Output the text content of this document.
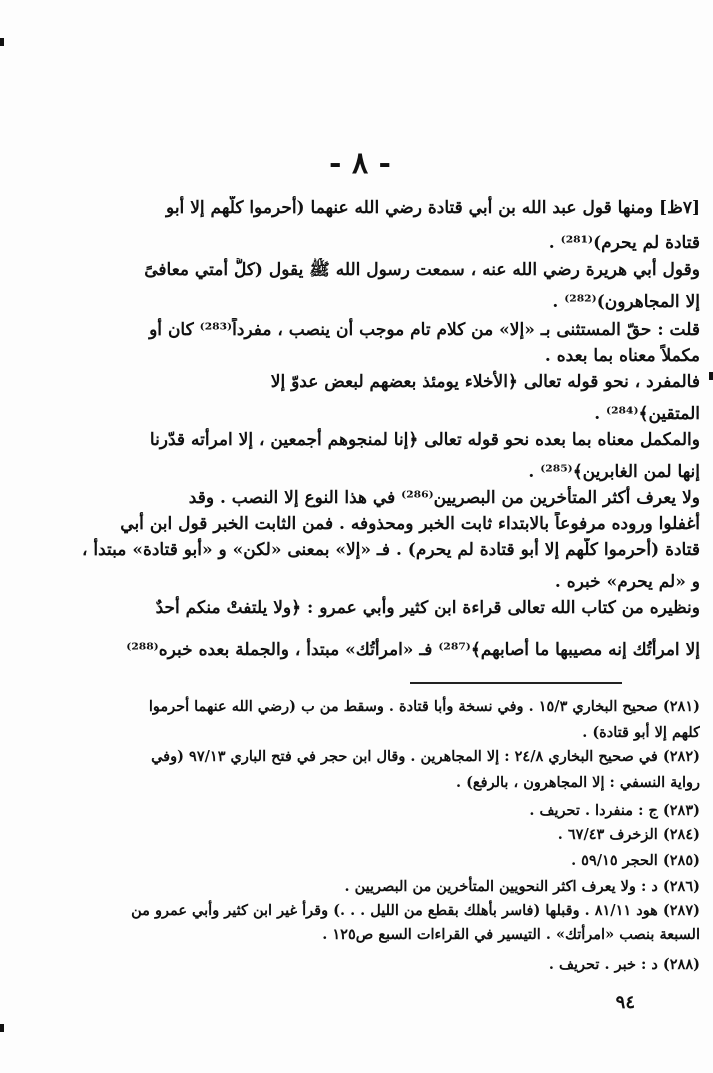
- ٨ -
[٧ظ] ومنها قول عبد الله بن أبي قتادة رضي الله عنهما (أحرموا كلُّهم إلا أبو
قتادة لم يحرم)⁽²⁸¹⁾ .
وقول أبي هريرة رضي الله عنه ، سمعت رسول الله ﷺ يقول (كلُّ أمتي معافىً
إلا المجاهرون)⁽²⁸²⁾ .
قلت : حقّ المستثنى بـ «إلا» من كلام تام موجب أن ينصب ، مفرداً⁽²⁸³⁾ كان أو
مكملاً معناه بما بعده .
فالمفرد ، نحو قوله تعالى ﴿الأخلاء يومئذ بعضهم لبعض عدوّ إلا
المتقين﴾⁽²⁸⁴⁾ .
والمكمل معناه بما بعده نحو قوله تعالى ﴿إنا لمنجوهم أجمعين ، إلا امرأته قدّرنا
إنها لمن الغابرين﴾⁽²⁸⁵⁾ .
ولا يعرف أكثر المتأخرين من البصريين⁽²⁸⁶⁾ في هذا النوع إلا النصب . وقد
أغفلوا وروده مرفوعاً بالابتداء ثابت الخبر ومحذوفه . فمن الثابت الخبر قول ابن أبي
قتادة (أحرموا كلُّهم إلا أبو قتادة لم يحرم) . فـ «إلا» بمعنى «لكن» و «أبو قتادة» مبتدأ ،
و «لم يحرم» خبره .
ونظيره من كتاب الله تعالى قراءة ابن كثير وأبي عمرو : ﴿ولا يلتفتْ منكم أحدٌ
إلا امرأتُك إنه مصيبها ما أصابهم﴾⁽²⁸⁷⁾ فـ «امرأتُك» مبتدأ ، والجملة بعده خبره⁽²⁸⁸⁾
(٢٨١) صحيح البخاري ١٥/٣ . وفي نسخة وأبا قتادة . وسقط من ب (رضي الله عنهما أحرموا
كلهم إلا أبو قتادة) .
(٢٨٢) في صحيح البخاري ٢٤/٨ : إلا المجاهرين . وقال ابن حجر في فتح الباري ٩٧/١٣ (وفي
رواية النسفي : إلا المجاهرون ، بالرفع) .
(٢٨٣) ج : منفردا . تحريف .
(٢٨٤) الزخرف ٦٧/٤٣ .
(٢٨٥) الحجر ٥٩/١٥ .
(٢٨٦) د : ولا يعرف اكثر النحويين المتأخرين من البصريين .
(٢٨٧) هود ٨١/١١ . وقبلها (فاسر بأهلك بقطع من الليل . . .) وقرأ غير ابن كثير وأبي عمرو من
السبعة بنصب «امرأتك» . التيسير في القراءات السبع ص١٢٥ .
(٢٨٨) د : خبر . تحريف .
٩٤
